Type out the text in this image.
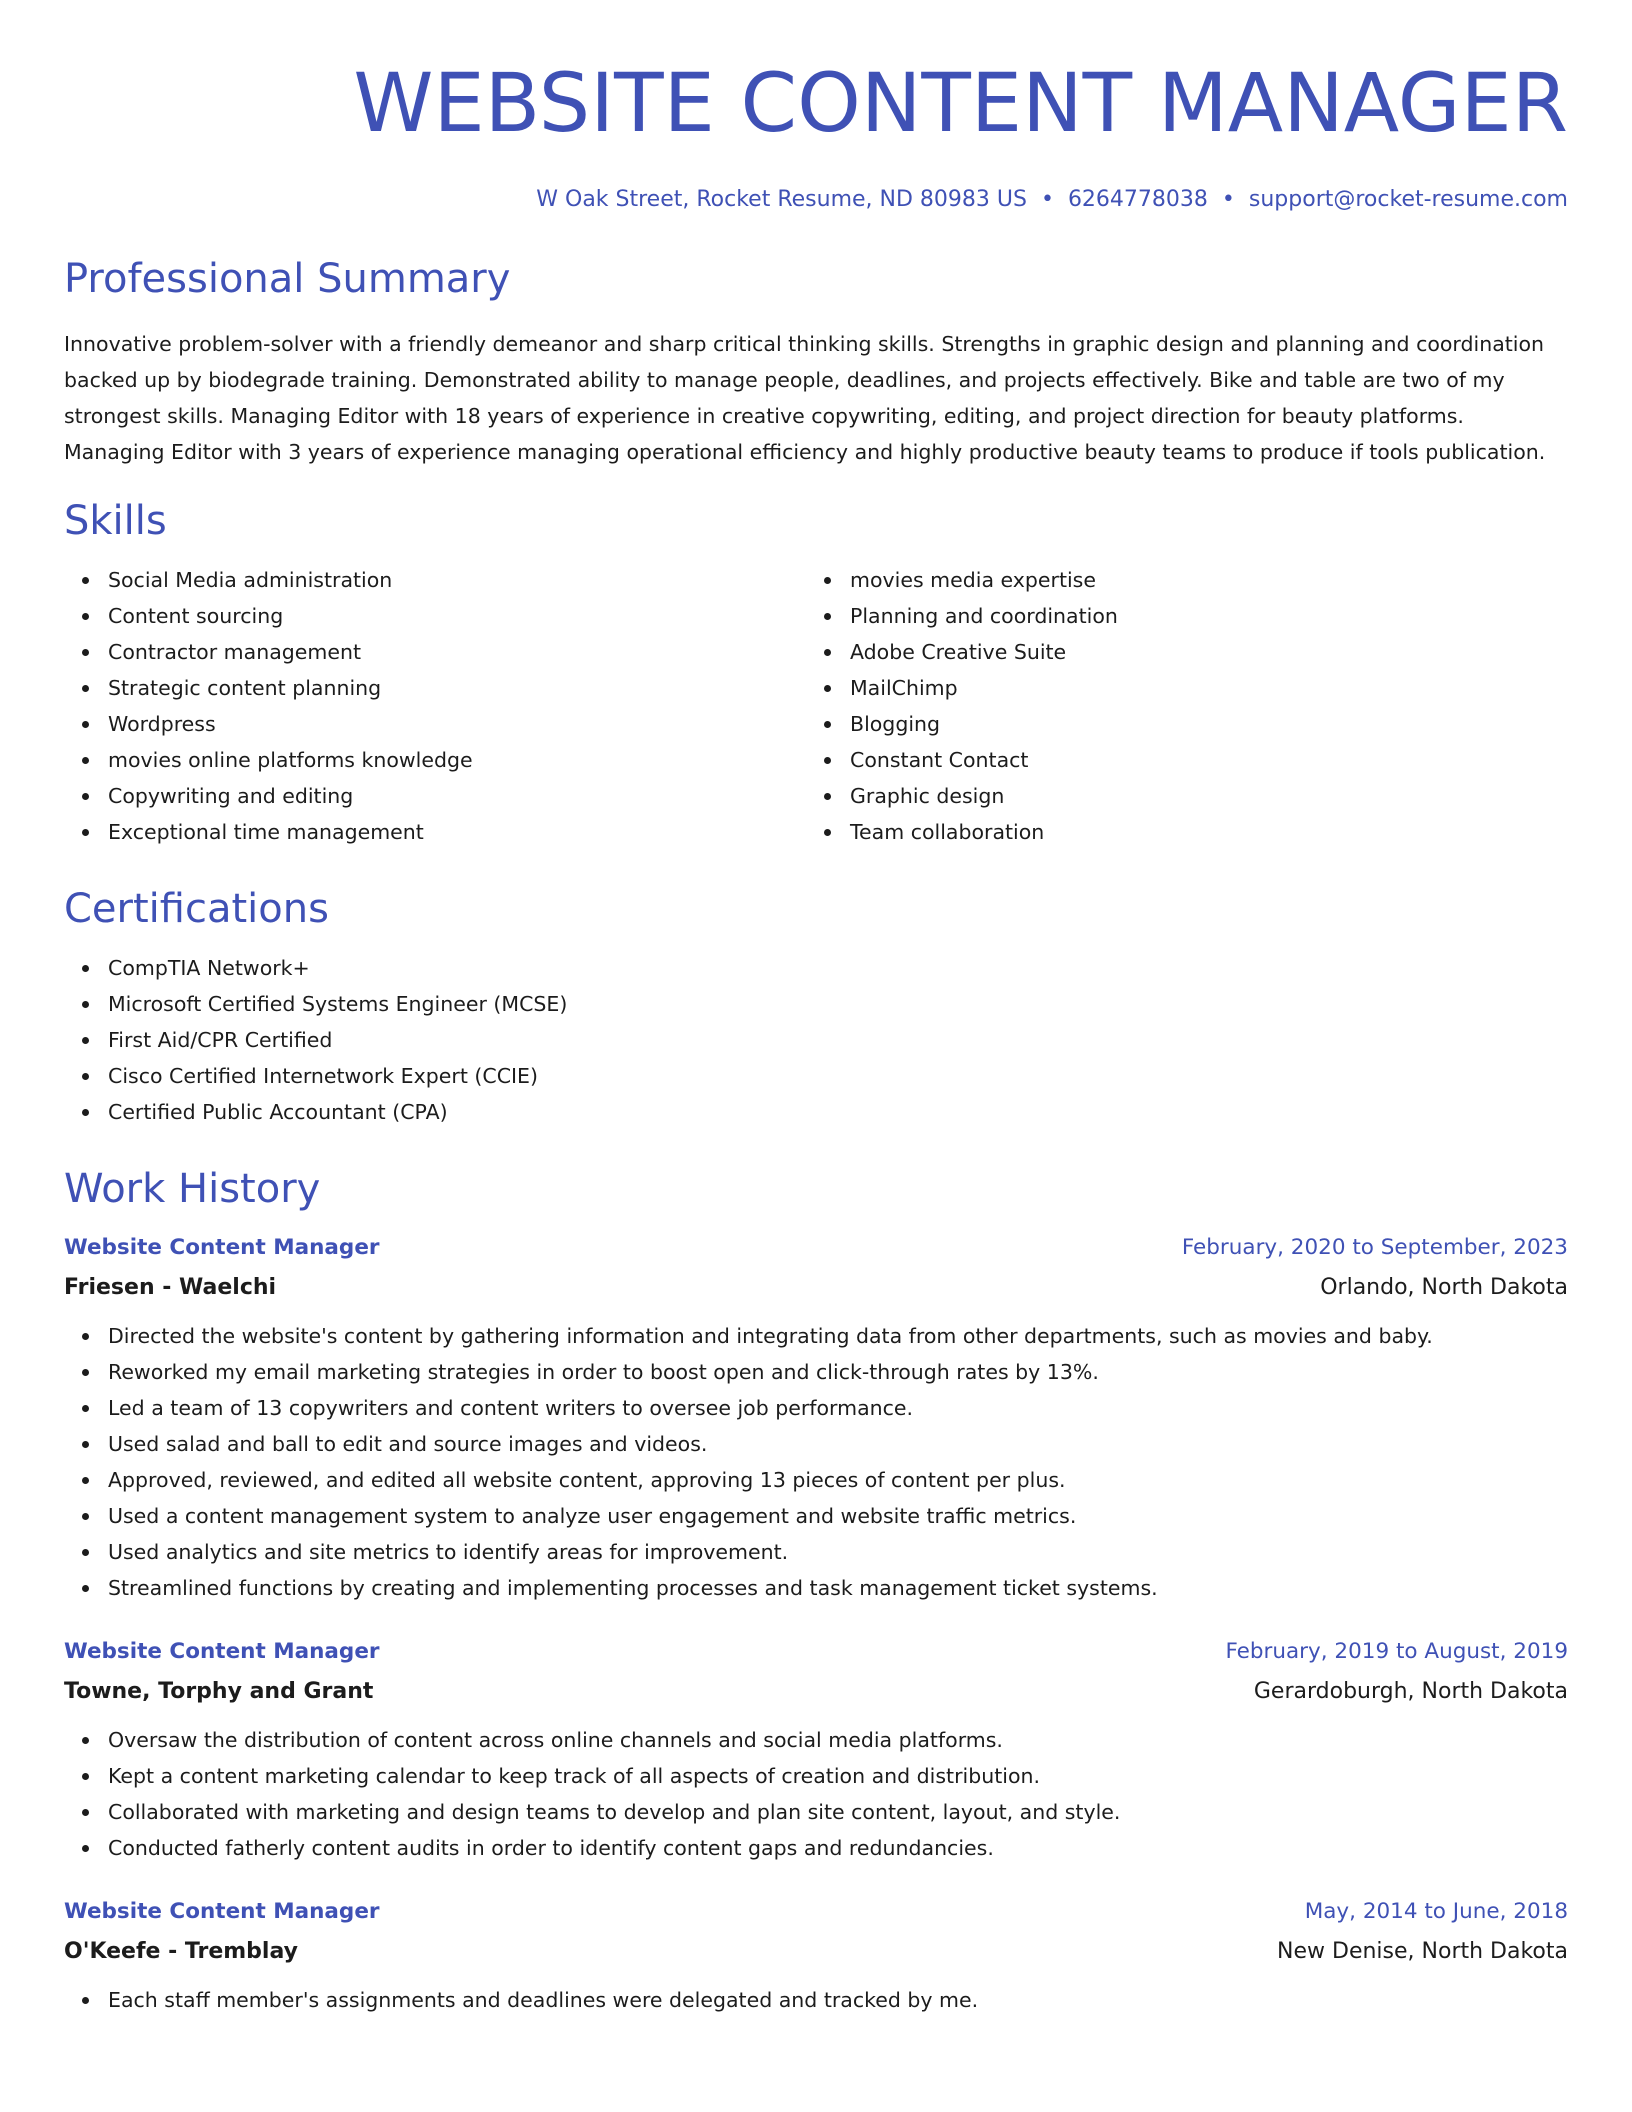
WEBSITE CONTENT MANAGER
W Oak Street, Rocket Resume, ND 80983 US • 6264778038 • support@rocket-resume.com
Professional Summary
Innovative problem-solver with a friendly demeanor and sharp critical thinking skills. Strengths in graphic design and planning and coordination backed up by biodegrade training. Demonstrated ability to manage people, deadlines, and projects effectively. Bike and table are two of my strongest skills. Managing Editor with 18 years of experience in creative copywriting, editing, and project direction for beauty platforms. Managing Editor with 3 years of experience managing operational efficiency and highly productive beauty teams to produce if tools publication.
Skills
Social Media administration
Content sourcing
Contractor management
Strategic content planning
Wordpress
movies online platforms knowledge
Copywriting and editing
Exceptional time management
movies media expertise
Planning and coordination
Adobe Creative Suite
MailChimp
Blogging
Constant Contact
Graphic design
Team collaboration
Certifications
CompTIA Network+
Microsoft Certified Systems Engineer (MCSE)
First Aid/CPR Certified
Cisco Certified Internetwork Expert (CCIE)
Certified Public Accountant (CPA)
Work History
Website Content Manager	February, 2020 to September, 2023
Friesen - Waelchi	Orlando, North Dakota
Directed the website's content by gathering information and integrating data from other departments, such as movies and baby.
Reworked my email marketing strategies in order to boost open and click-through rates by 13%.
Led a team of 13 copywriters and content writers to oversee job performance.
Used salad and ball to edit and source images and videos.
Approved, reviewed, and edited all website content, approving 13 pieces of content per plus.
Used a content management system to analyze user engagement and website traffic metrics.
Used analytics and site metrics to identify areas for improvement.
Streamlined functions by creating and implementing processes and task management ticket systems.
Website Content Manager	February, 2019 to August, 2019
Towne, Torphy and Grant	Gerardoburgh, North Dakota
Oversaw the distribution of content across online channels and social media platforms.
Kept a content marketing calendar to keep track of all aspects of creation and distribution.
Collaborated with marketing and design teams to develop and plan site content, layout, and style.
Conducted fatherly content audits in order to identify content gaps and redundancies.
Website Content Manager	May, 2014 to June, 2018
O'Keefe - Tremblay	New Denise, North Dakota
Each staff member's assignments and deadlines were delegated and tracked by me.
